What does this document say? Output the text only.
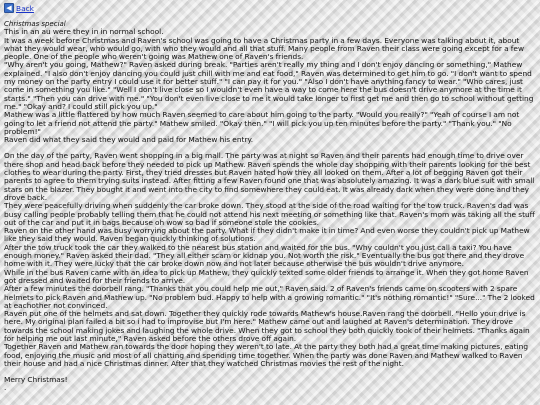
◀ Back

Christmas special

This in an au were they in in normal school.

It was a week before Christmas and Raven's school was going to have a Christmas party in a few days. Everyone was talking about it, about what they would wear, who would go, with who they would and all that stuff. Many people from Raven their class were going except for a few people. One of the people who weren't going was Mathew one of Raven's friends.

"Why aren't you going, Mathew?" Raven asked during break. "Parties aren't really my thing and I don't enjoy dancing or something," Mathew explained. "I also don't enjoy dancing you could just chill with me and eat food," Raven was determined to get him to go. "I don't want to spend my money on the party entry I could use it for better stuff." "I can pay it for you." "Also I don't have anything fancy to wear." "Who cares, just come in something you like." "Well I don't live close so I wouldn't even have a way to come here the bus doesn't drive anymore at the time it starts." "Then you can drive with me." "You don't even live close to me it would take longer to first get me and then go to school without getting me." "Okay and? I could still pick you up."

Mathew was a little flattered by how much Raven seemed to care about him going to the party. "Would you really?" "Yeah of course I am not going to let a friend not attend the party." Mathew smiled. "Okay then." "I will pick you up ten minutes before the party." "Thank you." "No problem!"

Raven did what they said they would and paid for Mathew his entry.

On the day of the party, Raven went shopping in a big mall. The party was at night so Raven and their parents had enough time to drive over there shop and head back before they needed to pick up Mathew. Raven spends the whole day shopping with their parents looking for the best clothes to wear during the party. First, they tried dresses but Raven hated how they all looked on them. After a lot of begging Raven got their parents to agree to them trying suits instead. After fitting a few Raven found one that was absolutely amazing. It was a dark blue suit with small stars on the blazer. They bought it and went into the city to find somewhere they could eat. It was already dark when they were done and they drove back.

They were peacefully driving when suddenly the car broke down. They stood at the side of the road waiting for the tow truck. Raven's dad was busy calling people probably telling them that he could not attend his next meeting or something like that. Raven's mom was taking all the stuff out of the car and put it in bags because oh wow so bad if someone stole the cookies.

Raven on the other hand was busy worrying about the party. What if they didn't make it in time? And even worse they couldn't pick up Mathew like they said they would. Raven began quickly thinking of solutions.

After the tow truck took the car they walked to the nearest bus station and waited for the bus. "Why couldn't you just call a taxi? You have enough money." Raven asked their dad. "They all either scam or kidnap you. Not worth the risk." Eventually the bus got there and they drove home with it. They were lucky that the car broke down now and not later because otherwise the bus wouldn't drive anymore.

While in the bus Raven came with an idea to pick up Mathew, they quickly texted some older friends to arrange it. When they got home Raven got dressed and waited for their friends to arrive.

After a few minutes the doorbell rang. "Thanks that you could help me out," Raven said. 2 of Raven's friends came on scooters with 2 spare helmets to pick Raven and Mathew up. "No problem bud. Happy to help with a growing romantic." "It's nothing romantic!" "Sure..." The 2 looked at eachother not convinced.

Raven put one of the helmets and sat down. Together they quickly rode towards Mathew's house.Raven rang the doorbell. "Hello your drive is here. My original plan failed a bit so i had to improvise but I'm here." Mathew came out and laughed at Raven's determination. They drove towards the school making jokes and laughing the whole drive. When they got to school they both quickly took of their helmets. "Thanks again for helping me out last minute," Raven asked before the others drove off again.

Together Raven and Mathew ran towards the door hoping they weren't to late. At the party they both had a great time making pictures, eating food, enjoying the music and most of all chatting and spending time together. When the party was done Raven and Mathew walked to Raven their house and had a nice Christmas dinner. After that they watched Christmas movies the rest of the night.

Merry Christmas!

.
